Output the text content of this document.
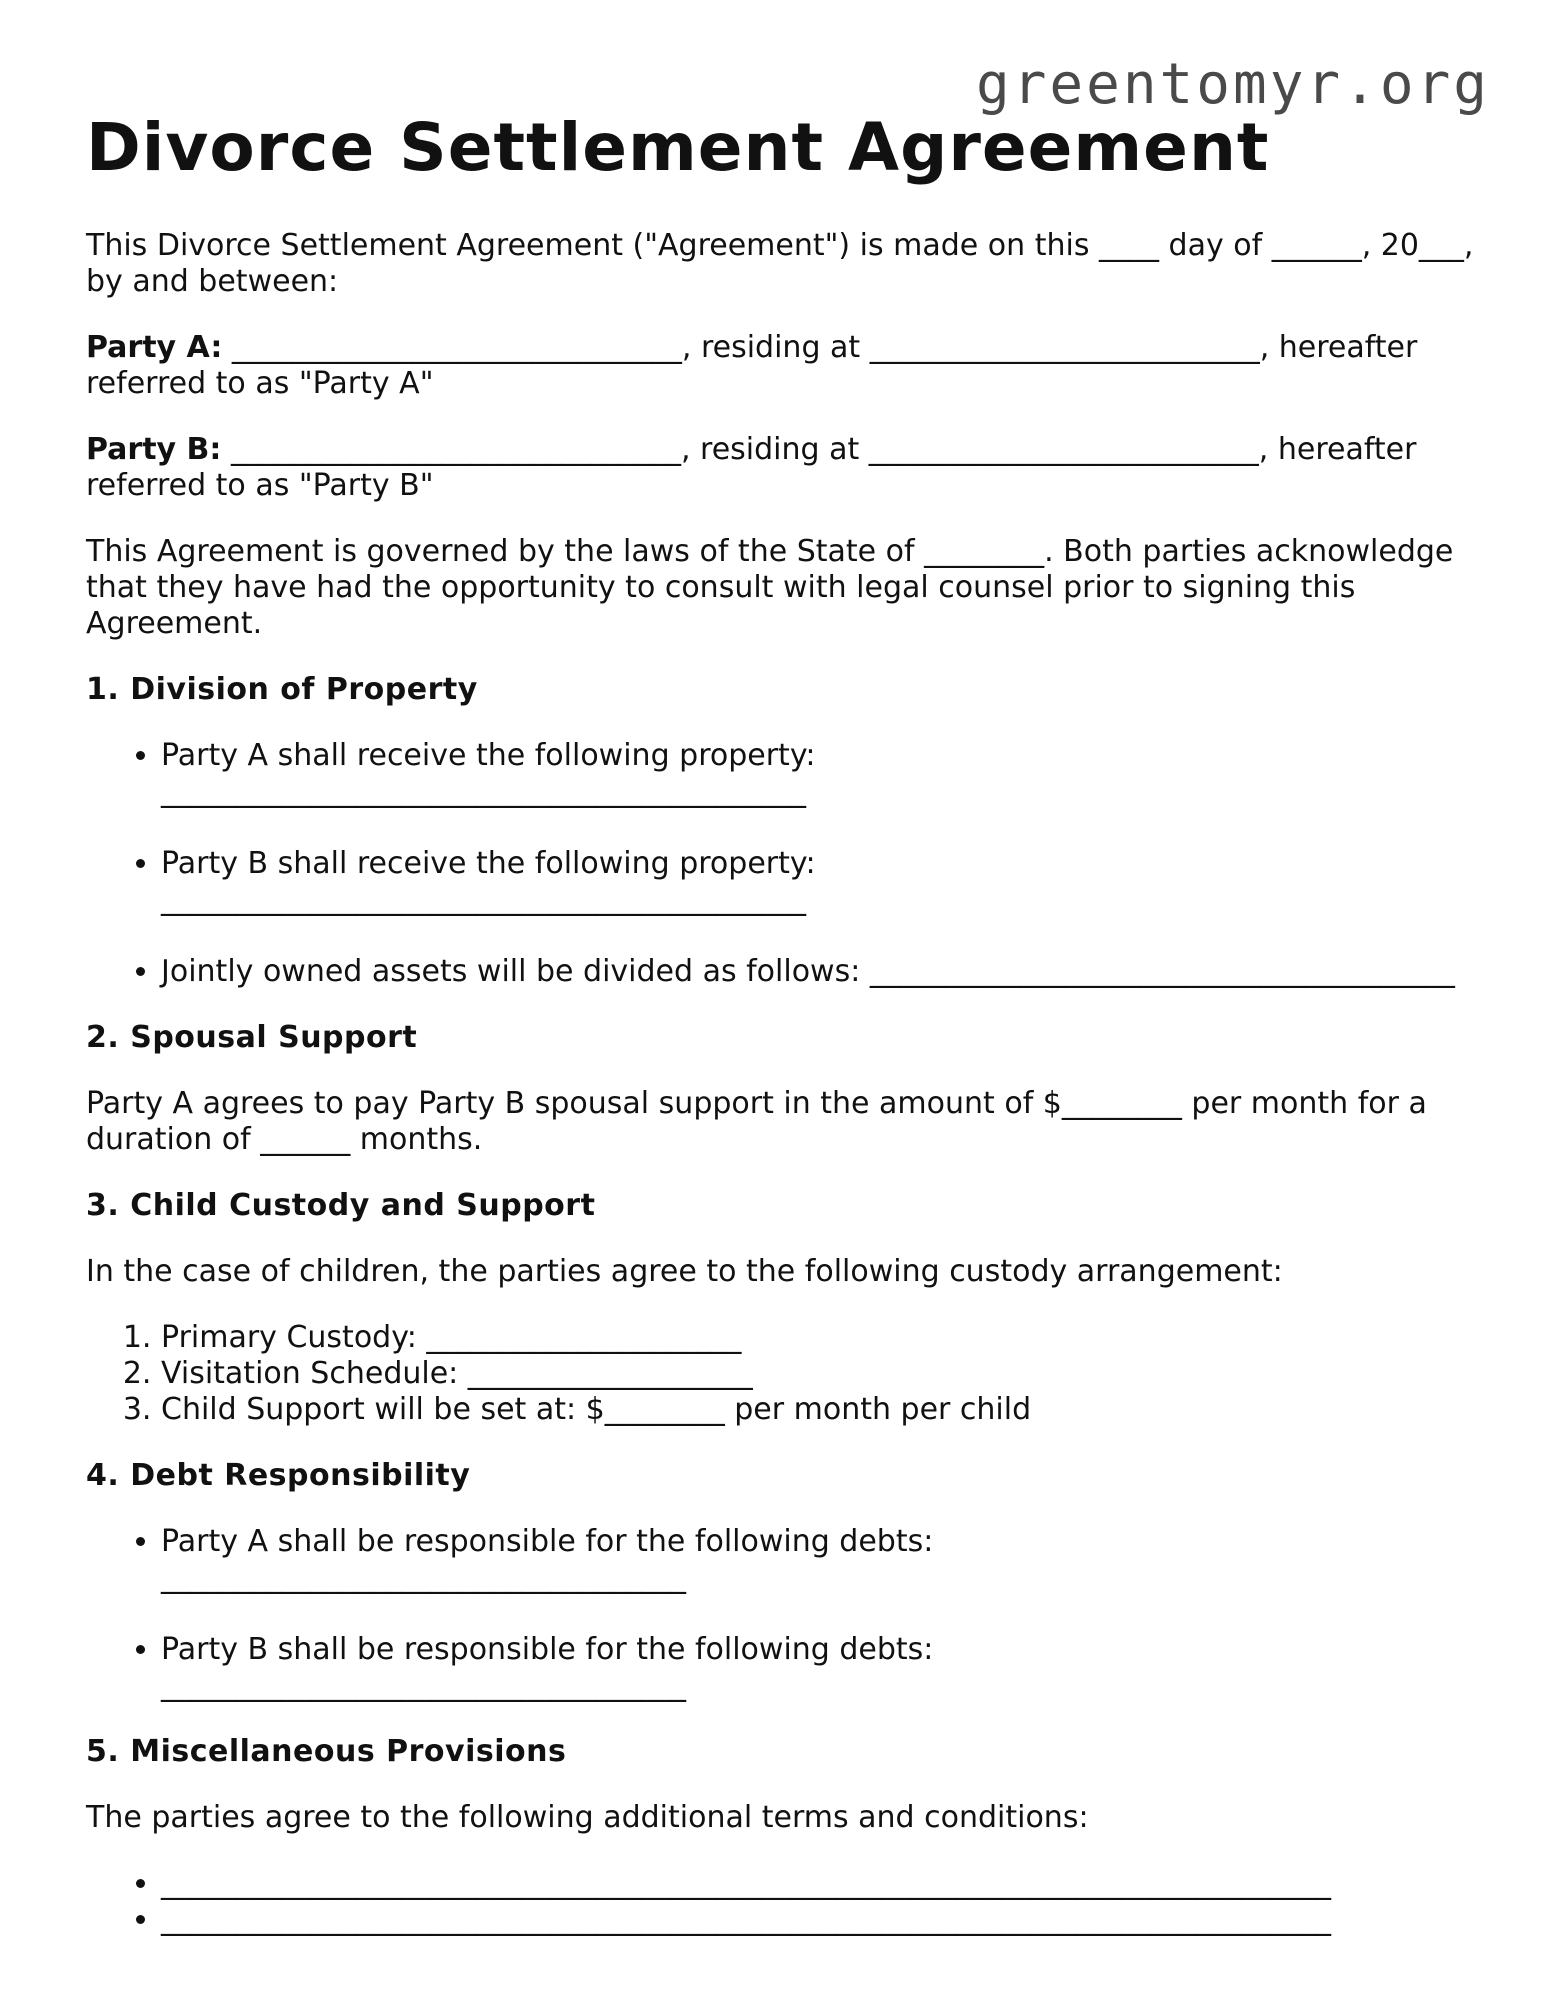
greentomyr.org
Divorce Settlement Agreement

This Divorce Settlement Agreement ("Agreement") is made on this ____ day of ______, 20___, by and between:

Party A: ______________________________, residing at __________________________, hereafter referred to as "Party A"

Party B: ______________________________, residing at __________________________, hereafter referred to as "Party B"

This Agreement is governed by the laws of the State of ________. Both parties acknowledge that they have had the opportunity to consult with legal counsel prior to signing this Agreement.

1. Division of Property
• Party A shall receive the following property:
___________________________________________
• Party B shall receive the following property:
___________________________________________
• Jointly owned assets will be divided as follows: _______________________________________
2. Spousal Support

Party A agrees to pay Party B spousal support in the amount of $________ per month for a duration of ______ months.

3. Child Custody and Support

In the case of children, the parties agree to the following custody arrangement:

1. Primary Custody: _____________________
2. Visitation Schedule: ___________________
3. Child Support will be set at: $________ per month per child
4. Debt Responsibility
• Party A shall be responsible for the following debts:
___________________________________
• Party B shall be responsible for the following debts:
___________________________________
5. Miscellaneous Provisions

The parties agree to the following additional terms and conditions:

• ______________________________________________________________________________
• ______________________________________________________________________________
